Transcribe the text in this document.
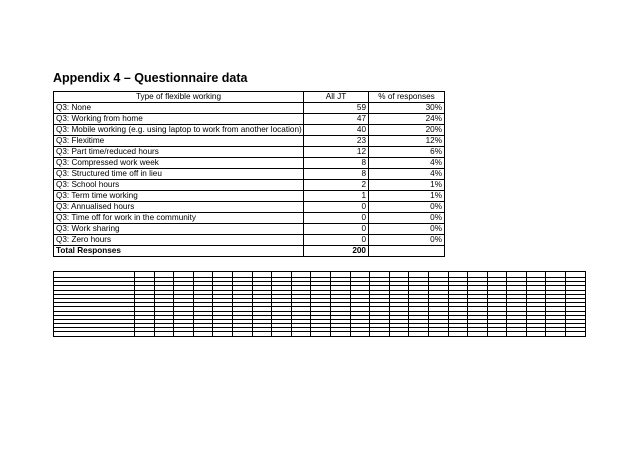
Appendix 4 – Questionnaire data
Type of flexible working	All JT	% of responses
Q3: None	59	30%
Q3: Working from home	47	24%
Q3: Mobile working (e.g. using laptop to work from another location)	40	20%
Q3: Flexitime	23	12%
Q3: Part time/reduced hours	12	6%
Q3: Compressed work week	8	4%
Q3: Structured time off in lieu	8	4%
Q3: School hours	2	1%
Q3: Term time working	1	1%
Q3: Annualised hours	0	0%
Q3: Time off for work in the community	0	0%
Q3: Work sharing	0	0%
Q3: Zero hours	0	0%
Total Responses	200	
